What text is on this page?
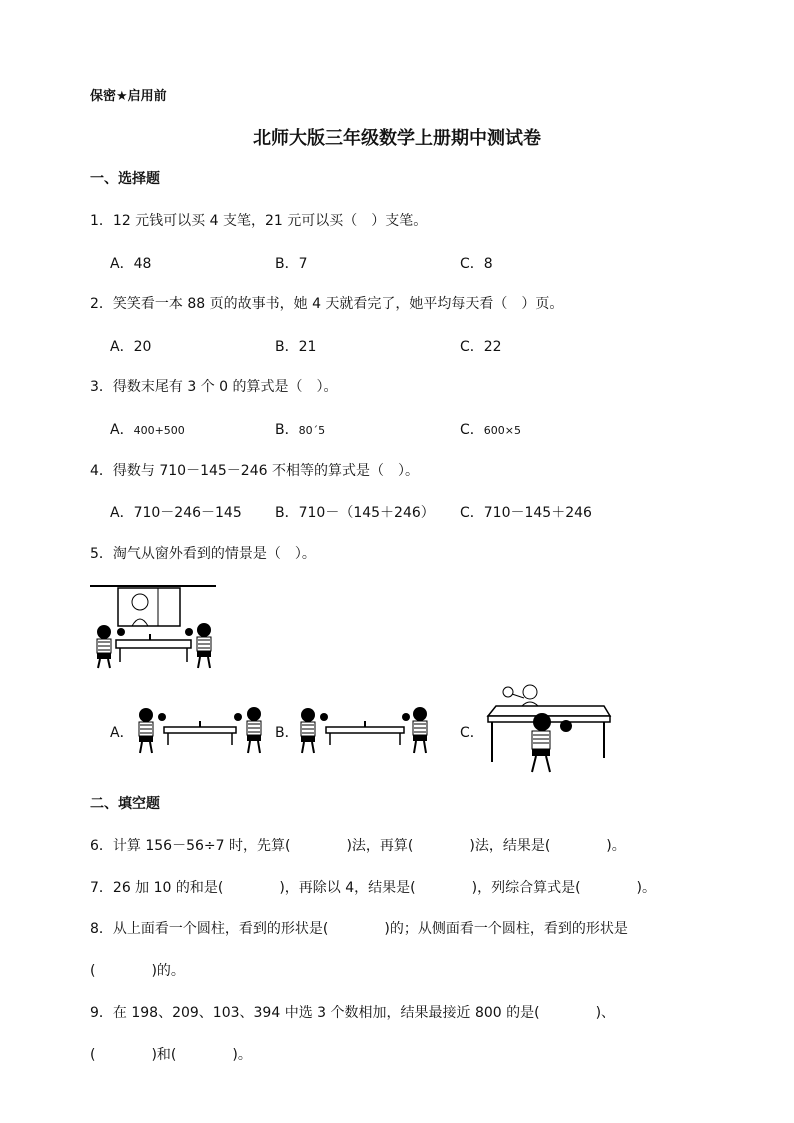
保密★启用前
北师大版三年级数学上册期中测试卷
一、选择题
1．12 元钱可以买 4 支笔，21 元可以买（　）支笔。
A．48	B．7	C．8
2．笑笑看一本 88 页的故事书，她 4 天就看完了，她平均每天看（　）页。
A．20	B．21	C．22
3．得数末尾有 3 个 0 的算式是（　）。
A．400+500	B．80´5	C．600×5
4．得数与 710－145－246 不相等的算式是（　）。
A．710－246－145 B．710－（145＋246） C．710－145＋246
5．淘气从窗外看到的情景是（　）。
A．	B．	C．
二、填空题
6．计算 156－56÷7 时，先算(　　　　)法，再算(　　　　)法，结果是(　　　　)。
7．26 加 10 的和是(　　　　)，再除以 4，结果是(　　　　)，列综合算式是(　　　　)。
8．从上面看一个圆柱，看到的形状是(　　　　)的；从侧面看一个圆柱，看到的形状是
(　　　　)的。
9．在 198、209、103、394 中选 3 个数相加，结果最接近 800 的是(　　　　)、
(　　　　)和(　　　　)。
